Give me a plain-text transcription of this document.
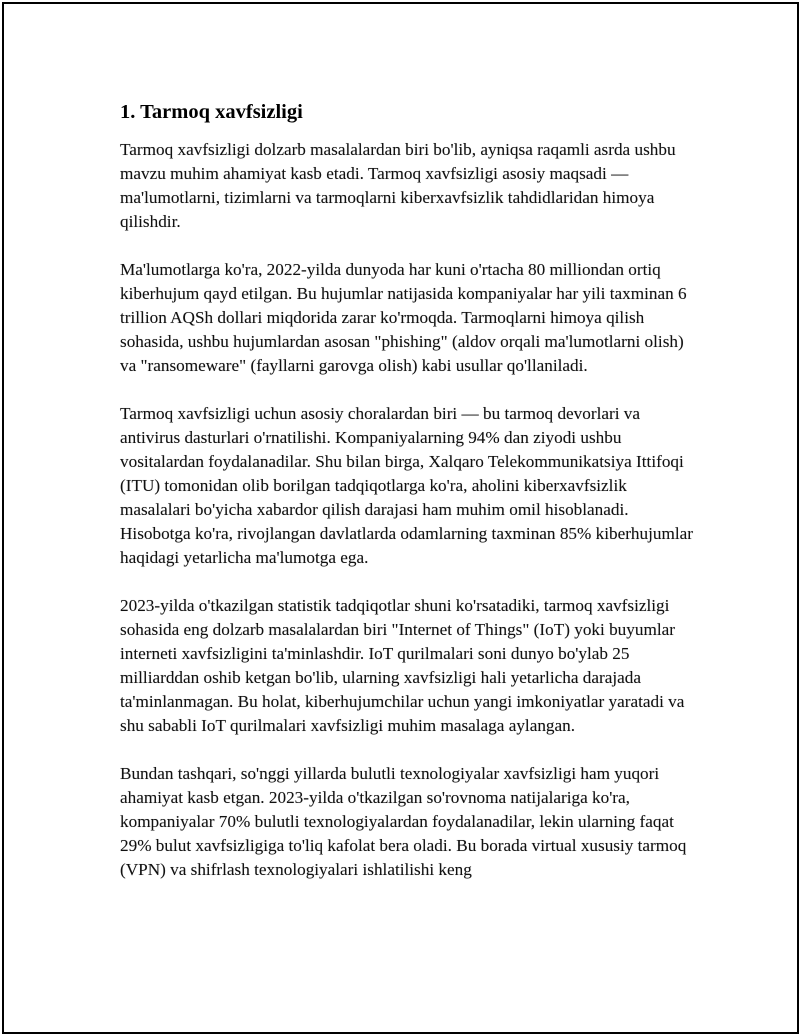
1. Tarmoq xavfsizligi

Tarmoq xavfsizligi dolzarb masalalardan biri bo'lib, ayniqsa raqamli asrda ushbu mavzu muhim ahamiyat kasb etadi. Tarmoq xavfsizligi asosiy maqsadi — ma'lumotlarni, tizimlarni va tarmoqlarni kiberxavfsizlik tahdidlaridan himoya qilishdir.

Ma'lumotlarga ko'ra, 2022-yilda dunyoda har kuni o'rtacha 80 milliondan ortiq kiberhujum qayd etilgan. Bu hujumlar natijasida kompaniyalar har yili taxminan 6 trillion AQSh dollari miqdorida zarar ko'rmoqda. Tarmoqlarni himoya qilish sohasida, ushbu hujumlardan asosan "phishing" (aldov orqali ma'lumotlarni olish) va "ransomeware" (fayllarni garovga olish) kabi usullar qo'llaniladi.

Tarmoq xavfsizligi uchun asosiy choralardan biri — bu tarmoq devorlari va antivirus dasturlari o'rnatilishi. Kompaniyalarning 94% dan ziyodi ushbu vositalardan foydalanadilar. Shu bilan birga, Xalqaro Telekommunikatsiya Ittifoqi (ITU) tomonidan olib borilgan tadqiqotlarga ko'ra, aholini kiberxavfsizlik masalalari bo'yicha xabardor qilish darajasi ham muhim omil hisoblanadi. Hisobotga ko'ra, rivojlangan davlatlarda odamlarning taxminan 85% kiberhujumlar haqidagi yetarlicha ma'lumotga ega.

2023-yilda o'tkazilgan statistik tadqiqotlar shuni ko'rsatadiki, tarmoq xavfsizligi sohasida eng dolzarb masalalardan biri "Internet of Things" (IoT) yoki buyumlar interneti xavfsizligini ta'minlashdir. IoT qurilmalari soni dunyo bo'ylab 25 milliarddan oshib ketgan bo'lib, ularning xavfsizligi hali yetarlicha darajada ta'minlanmagan. Bu holat, kiberhujumchilar uchun yangi imkoniyatlar yaratadi va shu sababli IoT qurilmalari xavfsizligi muhim masalaga aylangan.

Bundan tashqari, so'nggi yillarda bulutli texnologiyalar xavfsizligi ham yuqori ahamiyat kasb etgan. 2023-yilda o'tkazilgan so'rovnoma natijalariga ko'ra, kompaniyalar 70% bulutli texnologiyalardan foydalanadilar, lekin ularning faqat 29% bulut xavfsizligiga to'liq kafolat bera oladi. Bu borada virtual xususiy tarmoq (VPN) va shifrlash texnologiyalari ishlatilishi keng
